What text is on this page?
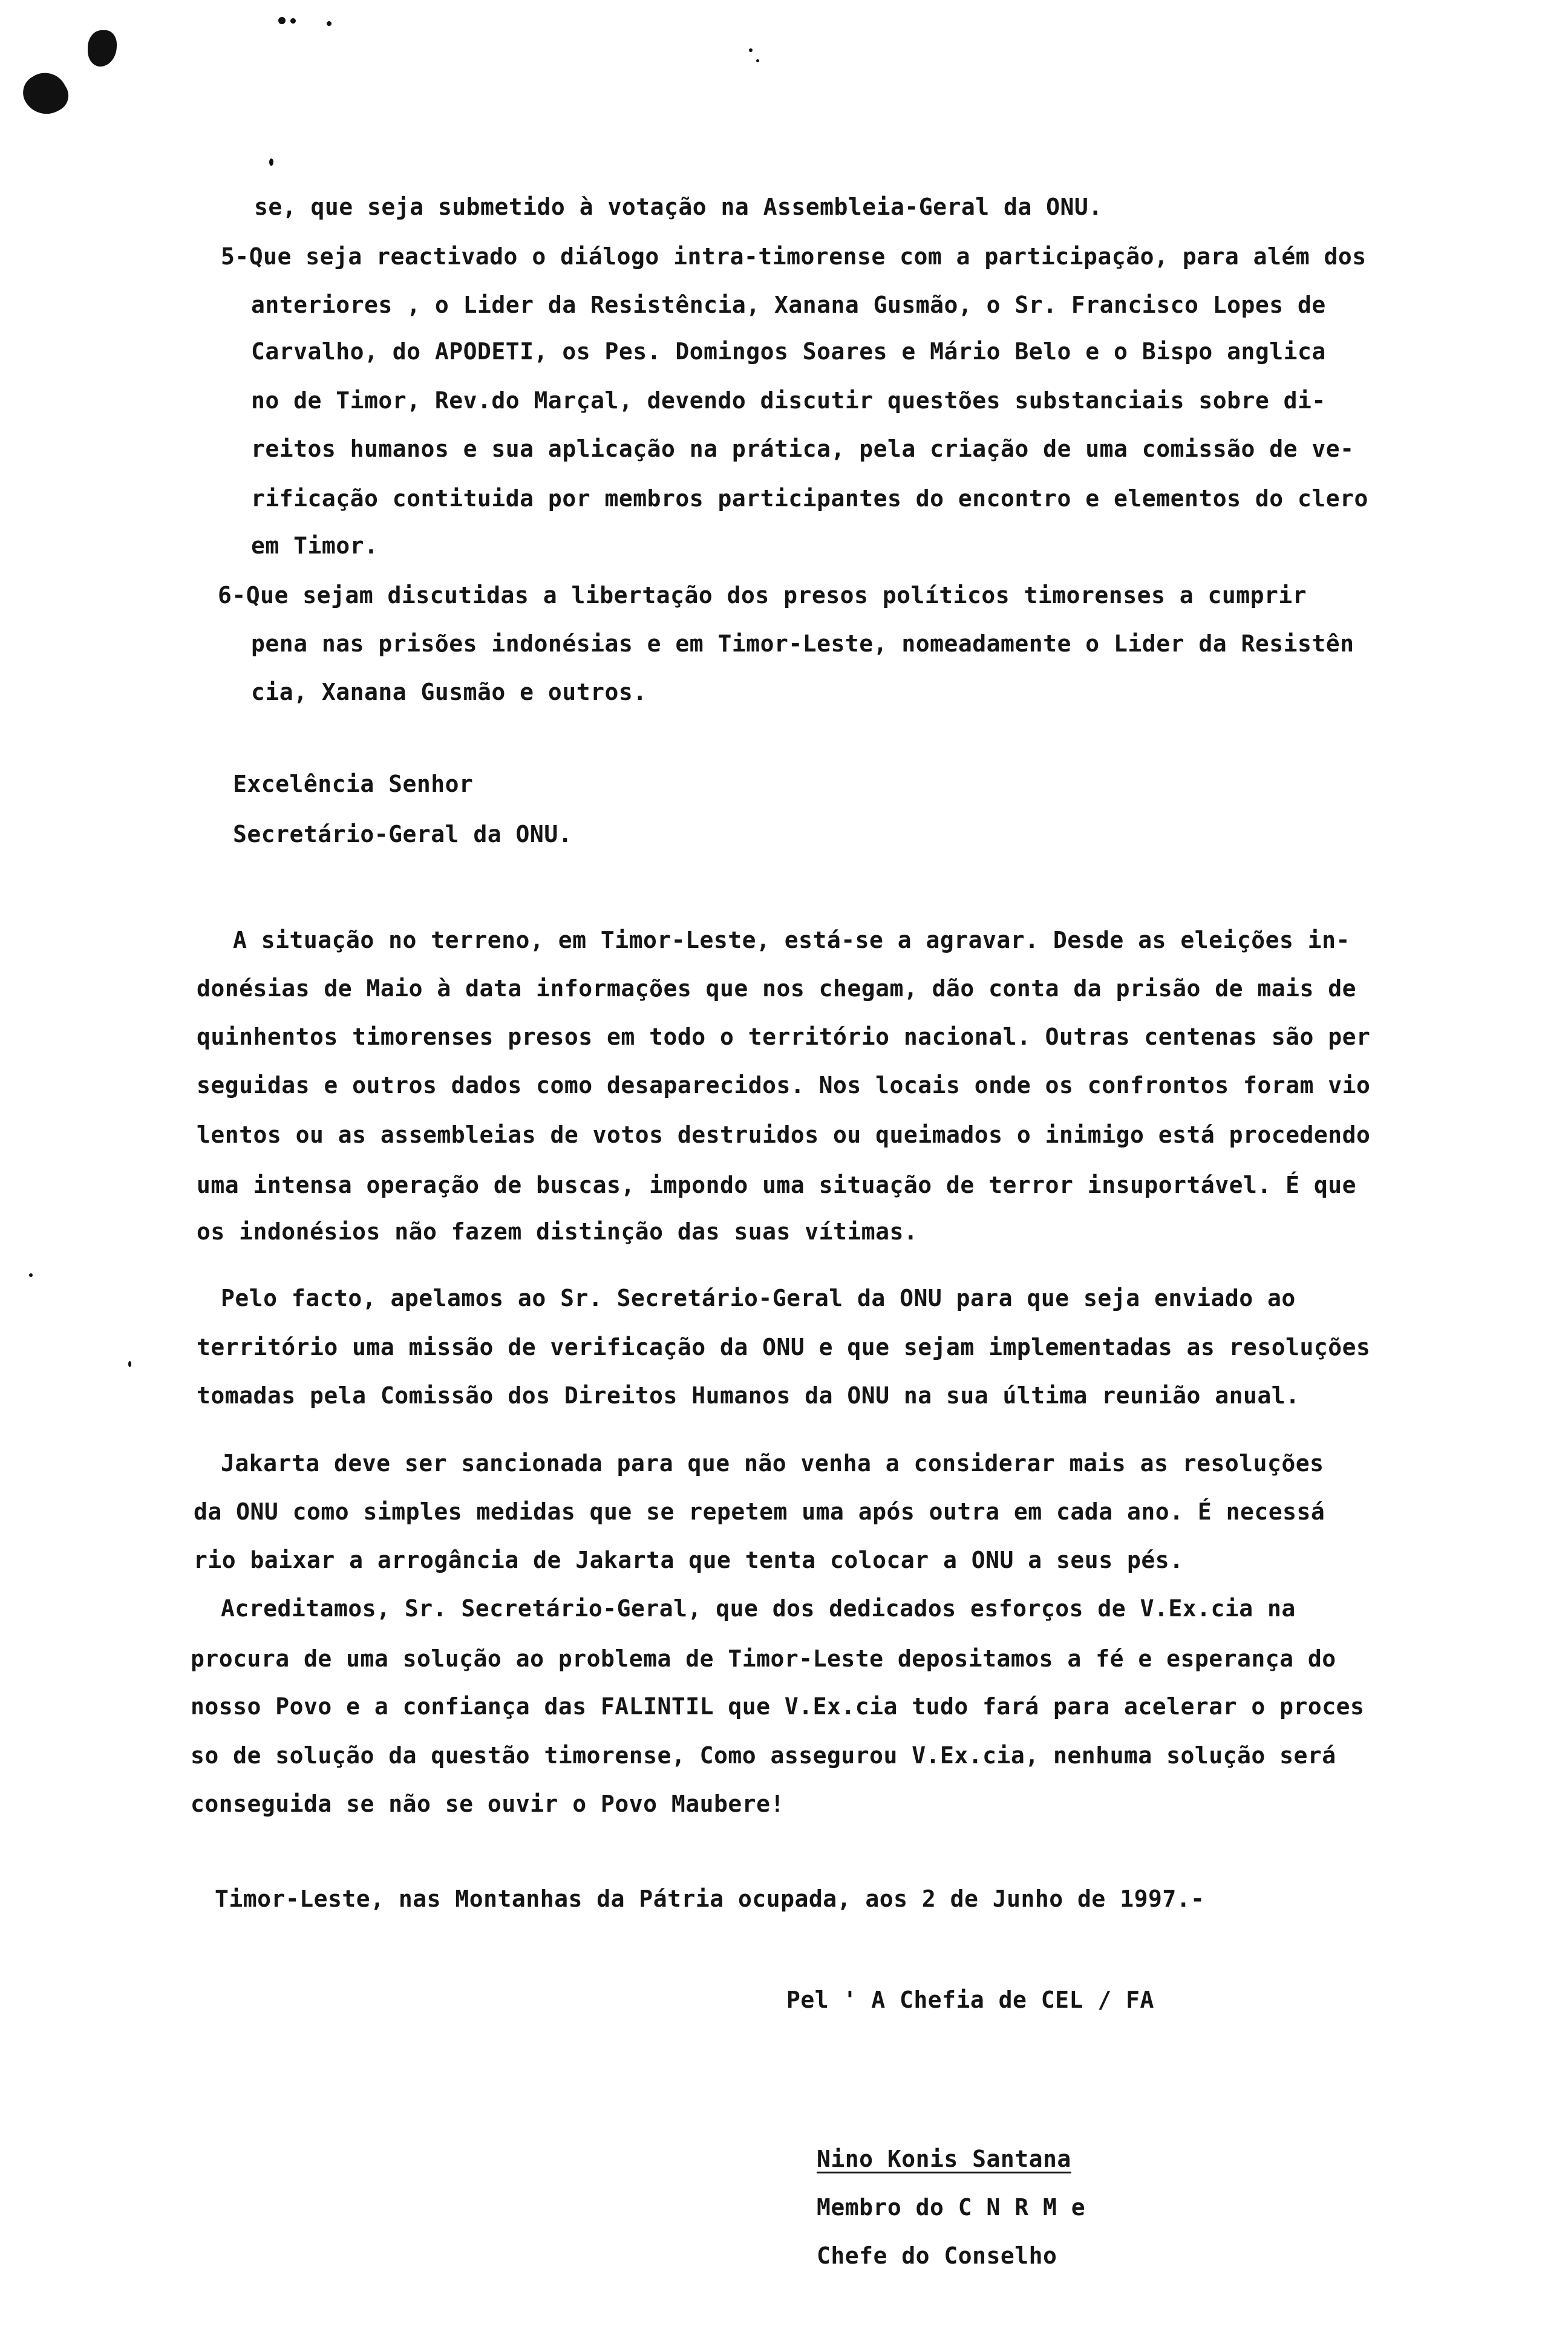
se, que seja submetido à votação na Assembleia-Geral da ONU.
5-Que seja reactivado o diálogo intra-timorense com a participação, para além dos
anteriores , o Lider da Resistência, Xanana Gusmão, o Sr. Francisco Lopes de
Carvalho, do APODETI, os Pes. Domingos Soares e Mário Belo e o Bispo anglica
no de Timor, Rev.do Marçal, devendo discutir questões substanciais sobre di-
reitos humanos e sua aplicação na prática, pela criação de uma comissão de ve-
rificação contituida por membros participantes do encontro e elementos do clero
em Timor.
6-Que sejam discutidas a libertação dos presos políticos timorenses a cumprir
pena nas prisões indonésias e em Timor-Leste, nomeadamente o Lider da Resistên
cia, Xanana Gusmão e outros.
Excelência Senhor
Secretário-Geral da ONU.
A situação no terreno, em Timor-Leste, está-se a agravar. Desde as eleições in-
donésias de Maio à data informações que nos chegam, dão conta da prisão de mais de
quinhentos timorenses presos em todo o território nacional. Outras centenas são per
seguidas e outros dados como desaparecidos. Nos locais onde os confrontos foram vio
lentos ou as assembleias de votos destruidos ou queimados o inimigo está procedendo
uma intensa operação de buscas, impondo uma situação de terror insuportável. É que
os indonésios não fazem distinção das suas vítimas.
Pelo facto, apelamos ao Sr. Secretário-Geral da ONU para que seja enviado ao
território uma missão de verificação da ONU e que sejam implementadas as resoluções
tomadas pela Comissão dos Direitos Humanos da ONU na sua última reunião anual.
Jakarta deve ser sancionada para que não venha a considerar mais as resoluções
da ONU como simples medidas que se repetem uma após outra em cada ano. É necessá
rio baixar a arrogância de Jakarta que tenta colocar a ONU a seus pés.
Acreditamos, Sr. Secretário-Geral, que dos dedicados esforços de V.Ex.cia na
procura de uma solução ao problema de Timor-Leste depositamos a fé e esperança do
nosso Povo e a confiança das FALINTIL que V.Ex.cia tudo fará para acelerar o proces
so de solução da questão timorense, Como assegurou V.Ex.cia, nenhuma solução será
conseguida se não se ouvir o Povo Maubere!
Timor-Leste, nas Montanhas da Pátria ocupada, aos 2 de Junho de 1997.-
Pel ' A Chefia de CEL / FA
Nino Konis Santana
Membro do C N R M e
Chefe do Conselho
